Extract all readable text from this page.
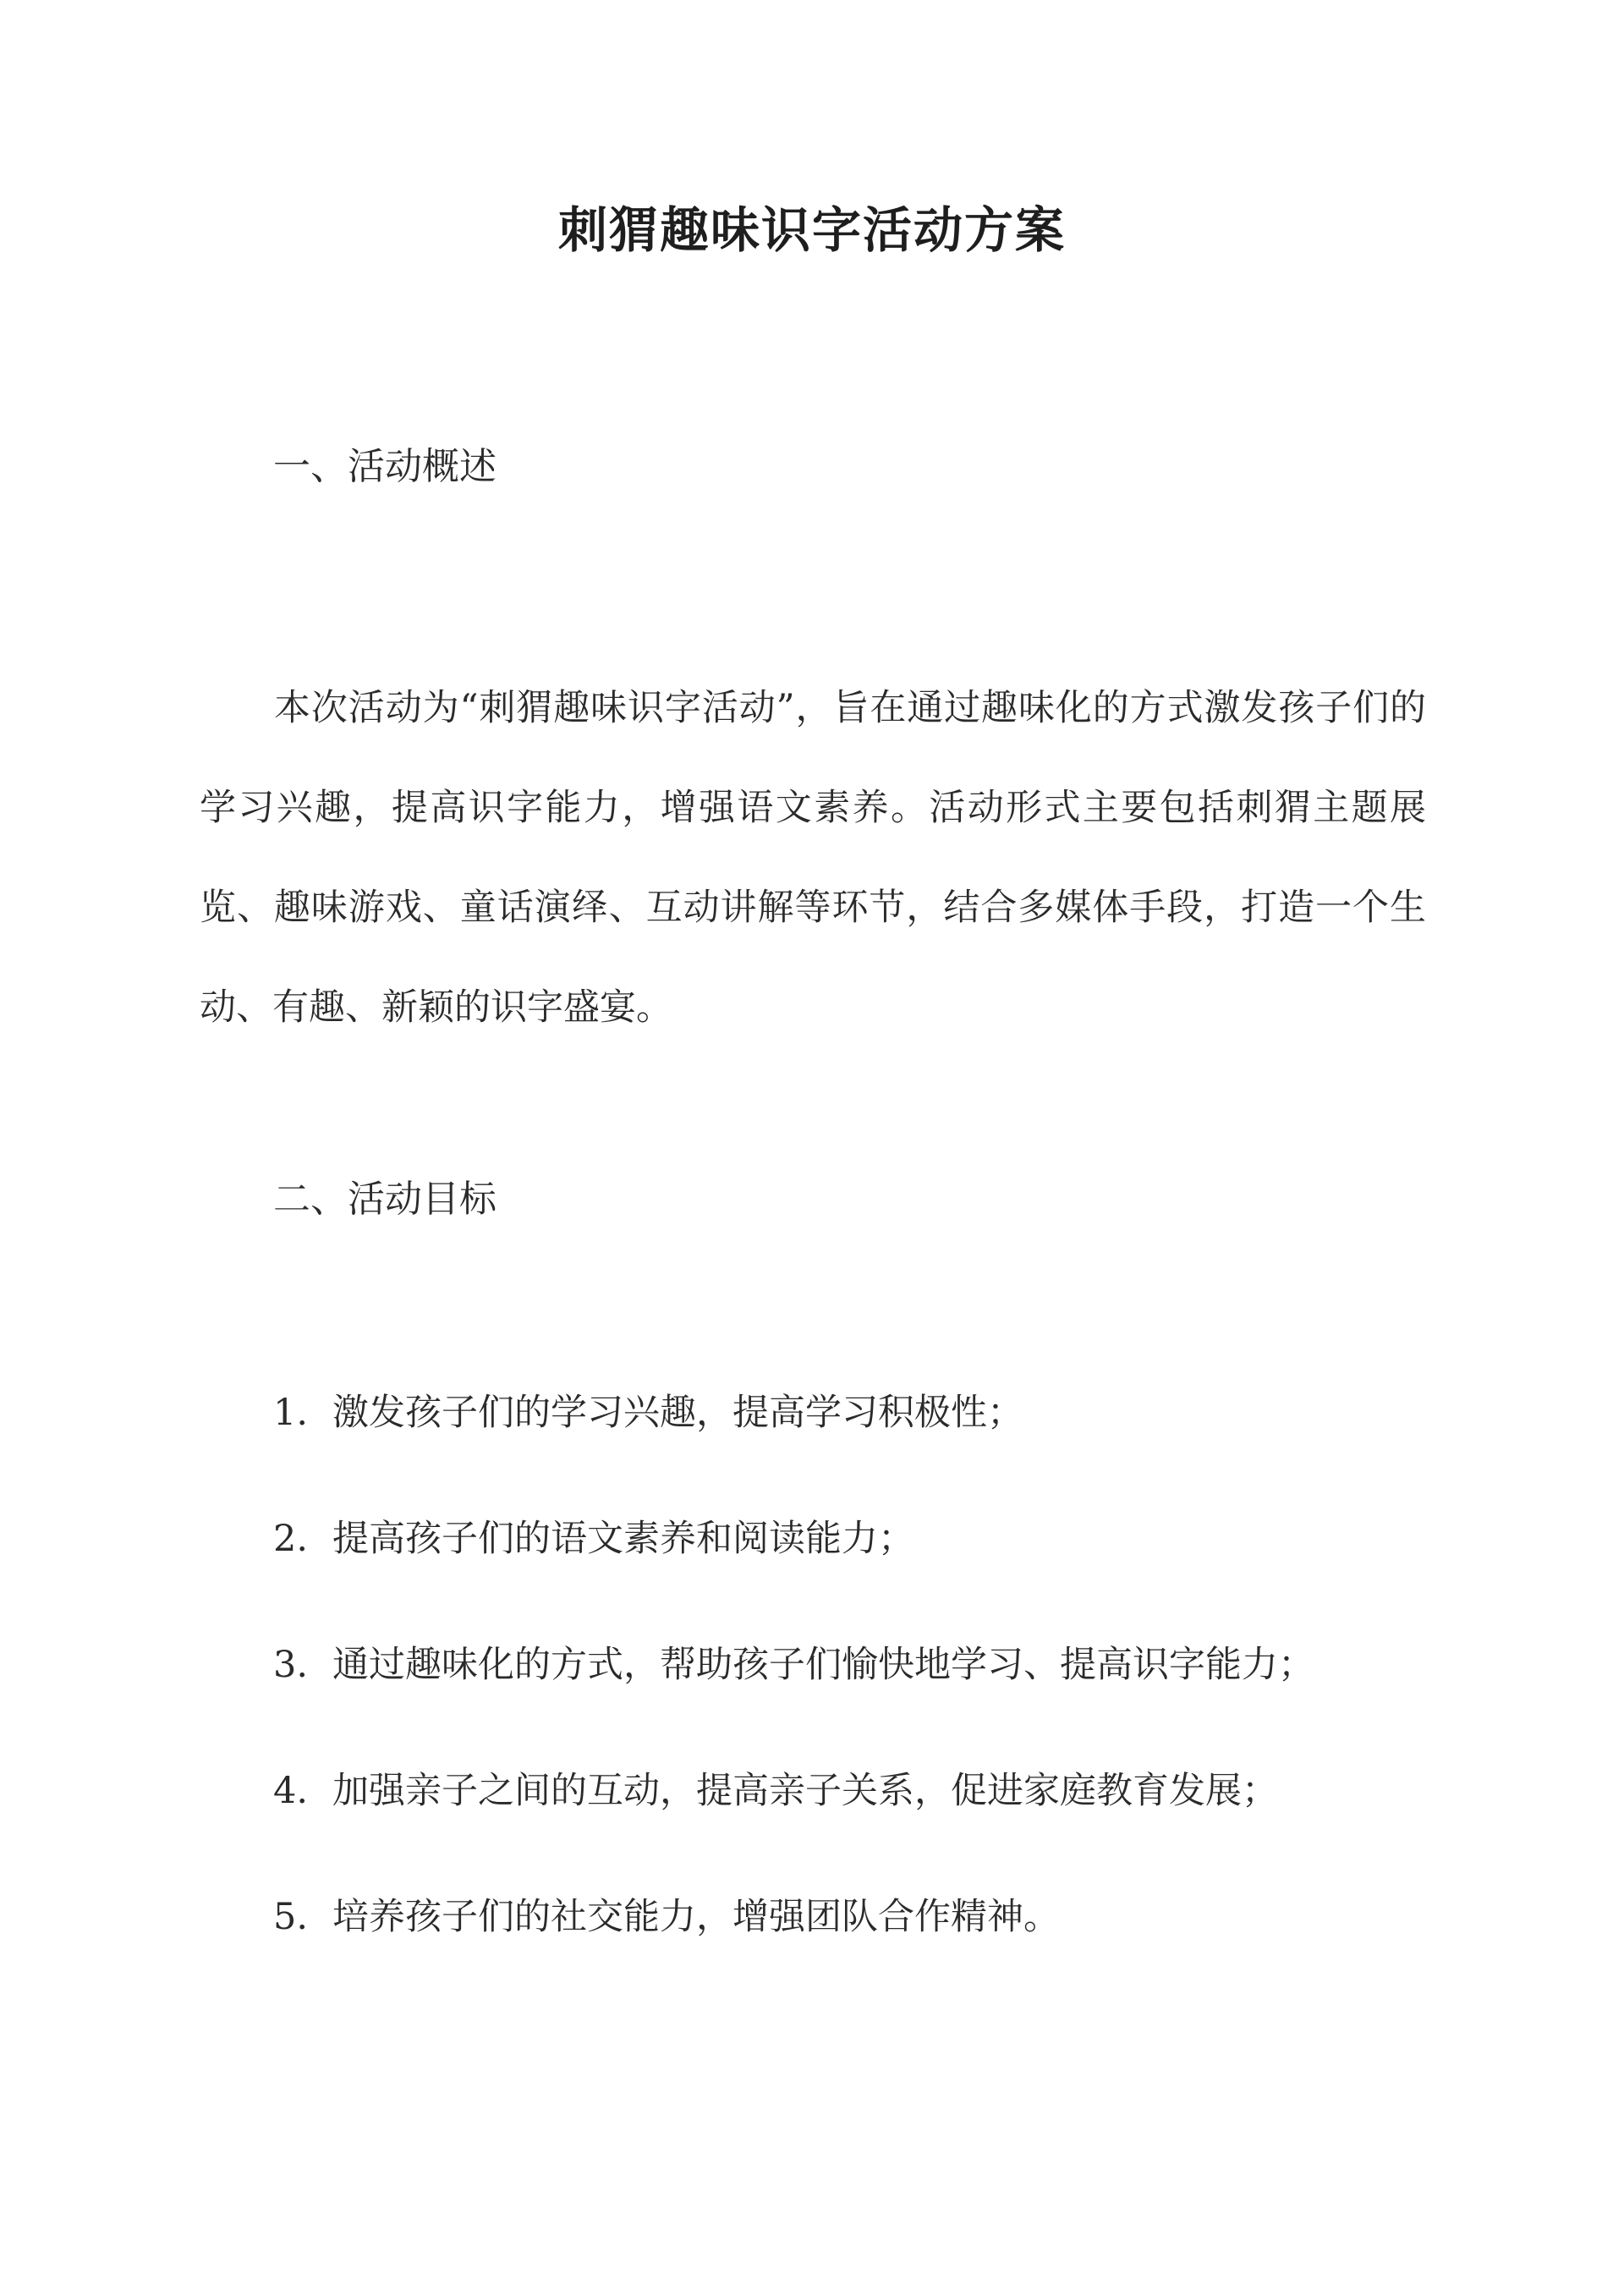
刺猬趣味识字活动方案
一、活动概述

本次活动为“刺猬趣味识字活动”，旨在通过趣味化的方式激发孩子们的学习兴趣，提高识字能力，增强语文素养。活动形式主要包括刺猬主题展览、趣味游戏、童话演绎、互动讲解等环节，结合多媒体手段，打造一个生动、有趣、新颖的识字盛宴。

二、活动目标
1. 激发孩子们的学习兴趣，提高学习积极性；
2. 提高孩子们的语文素养和阅读能力；
3. 通过趣味化的方式，帮助孩子们愉快地学习、提高识字能力；
4. 加强亲子之间的互动，提高亲子关系，促进家庭教育发展；
5. 培养孩子们的社交能力，增强团队合作精神。
